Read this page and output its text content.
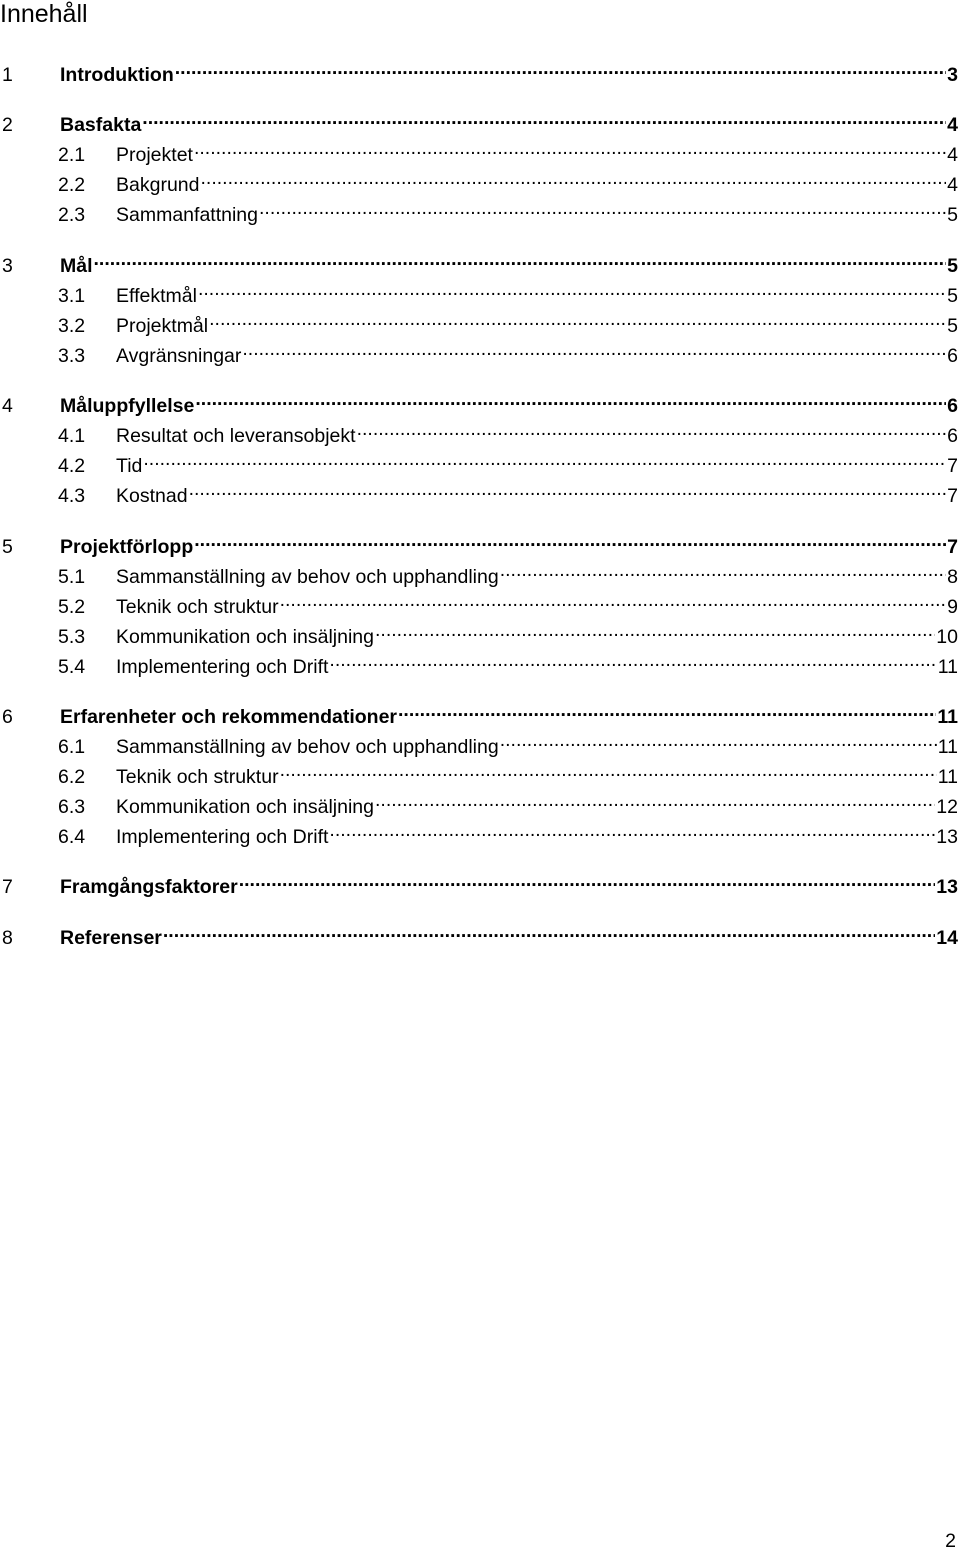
Innehåll
1	Introduktion .....	3
2	Basfakta .....	4
2.1	Projektet .....	4
2.2	Bakgrund .....	4
2.3	Sammanfattning .....	5
3	Mål .....	5
3.1	Effektmål .....	5
3.2	Projektmål .....	5
3.3	Avgränsningar .....	6
4	Måluppfyllelse .....	6
4.1	Resultat och leveransobjekt .....	6
4.2	Tid .....	7
4.3	Kostnad .....	7
5	Projektförlopp .....	7
5.1	Sammanställning av behov och upphandling .....	8
5.2	Teknik och struktur .....	9
5.3	Kommunikation och insäljning .....	10
5.4	Implementering och Drift .....	11
6	Erfarenheter och rekommendationer .....	11
6.1	Sammanställning av behov och upphandling .....	11
6.2	Teknik och struktur .....	11
6.3	Kommunikation och insäljning .....	12
6.4	Implementering och Drift .....	13
7	Framgångsfaktorer .....	13
8	Referenser .....	14
2
